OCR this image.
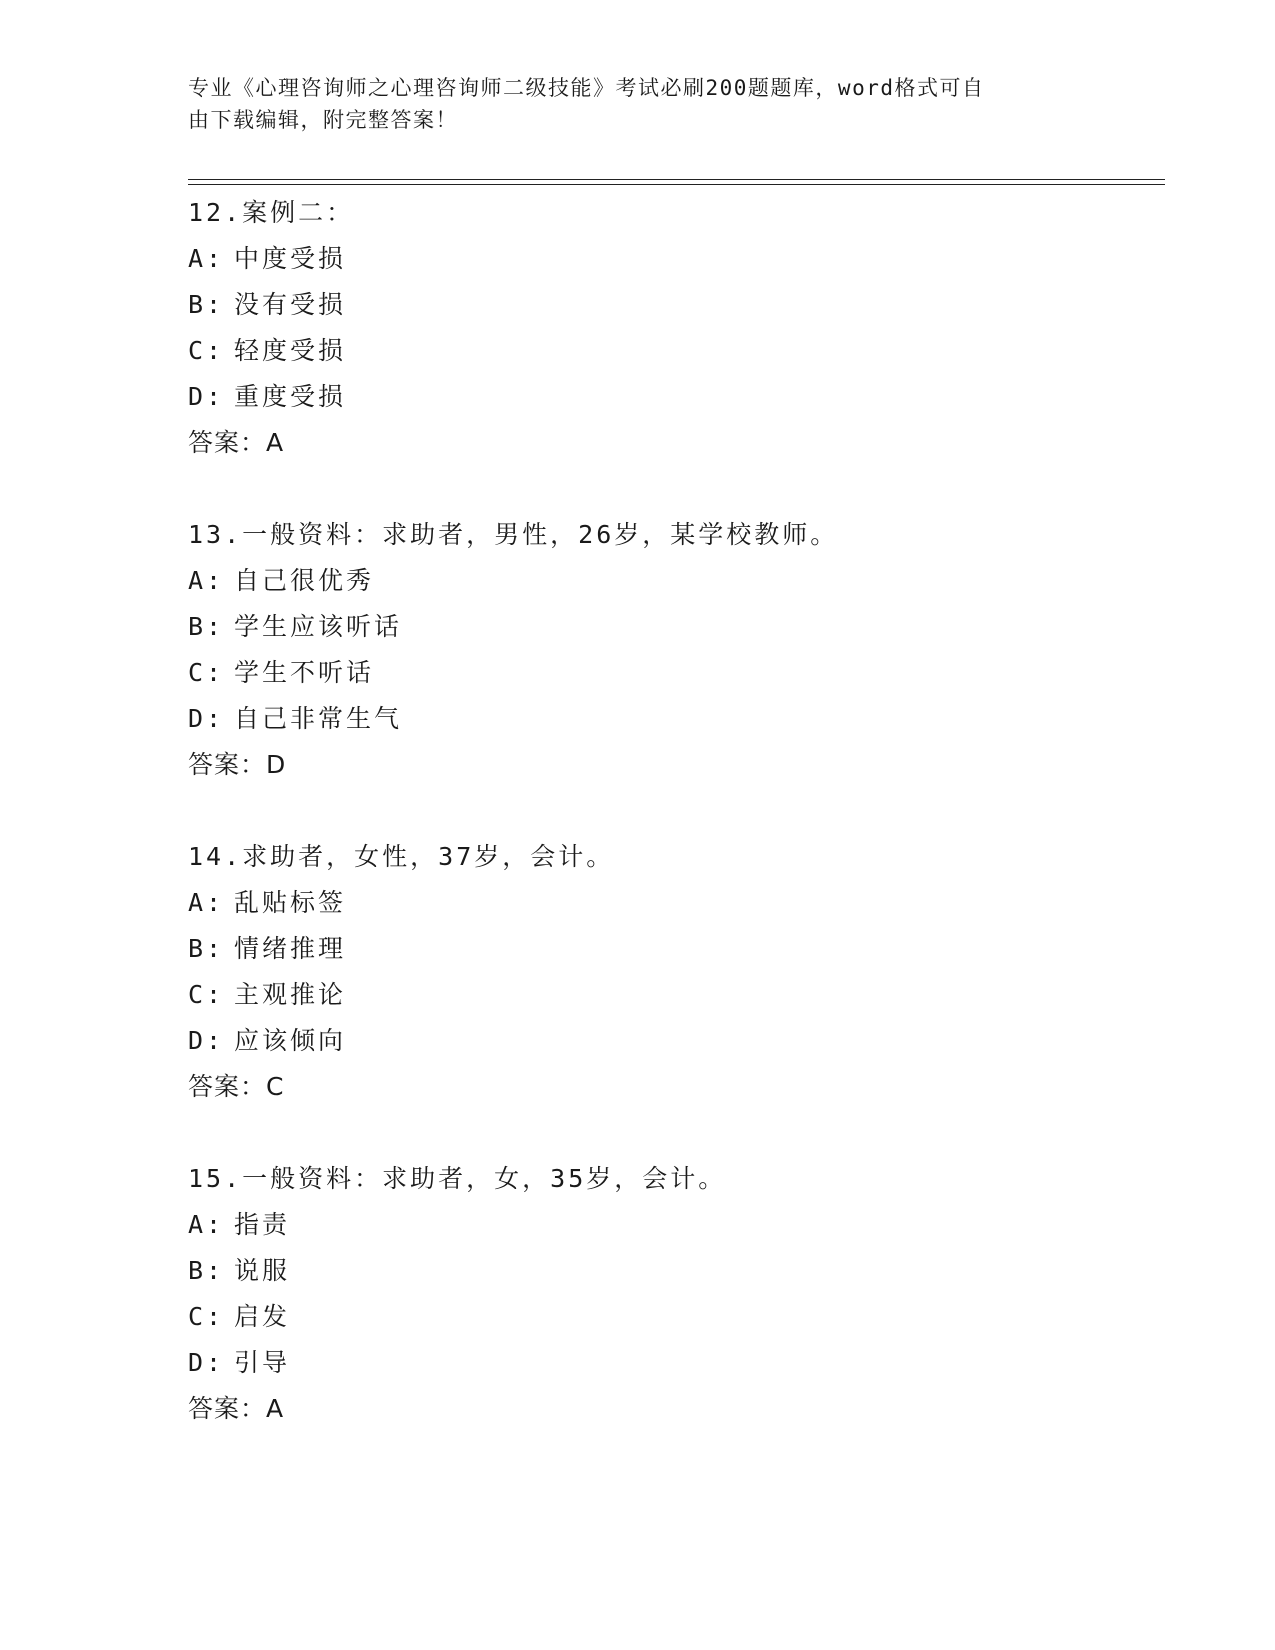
专业《心理咨询师之心理咨询师二级技能》考试必刷200题题库，word格式可自
由下载编辑，附完整答案！
12.案例二：
A: 中度受损
B: 没有受损
C: 轻度受损
D: 重度受损
答案：A
13.一般资料：求助者，男性，26岁，某学校教师。
A: 自己很优秀
B: 学生应该听话
C: 学生不听话
D: 自己非常生气
答案：D
14.求助者，女性，37岁，会计。
A: 乱贴标签
B: 情绪推理
C: 主观推论
D: 应该倾向
答案：C
15.一般资料：求助者，女，35岁，会计。
A: 指责
B: 说服
C: 启发
D: 引导
答案：A
